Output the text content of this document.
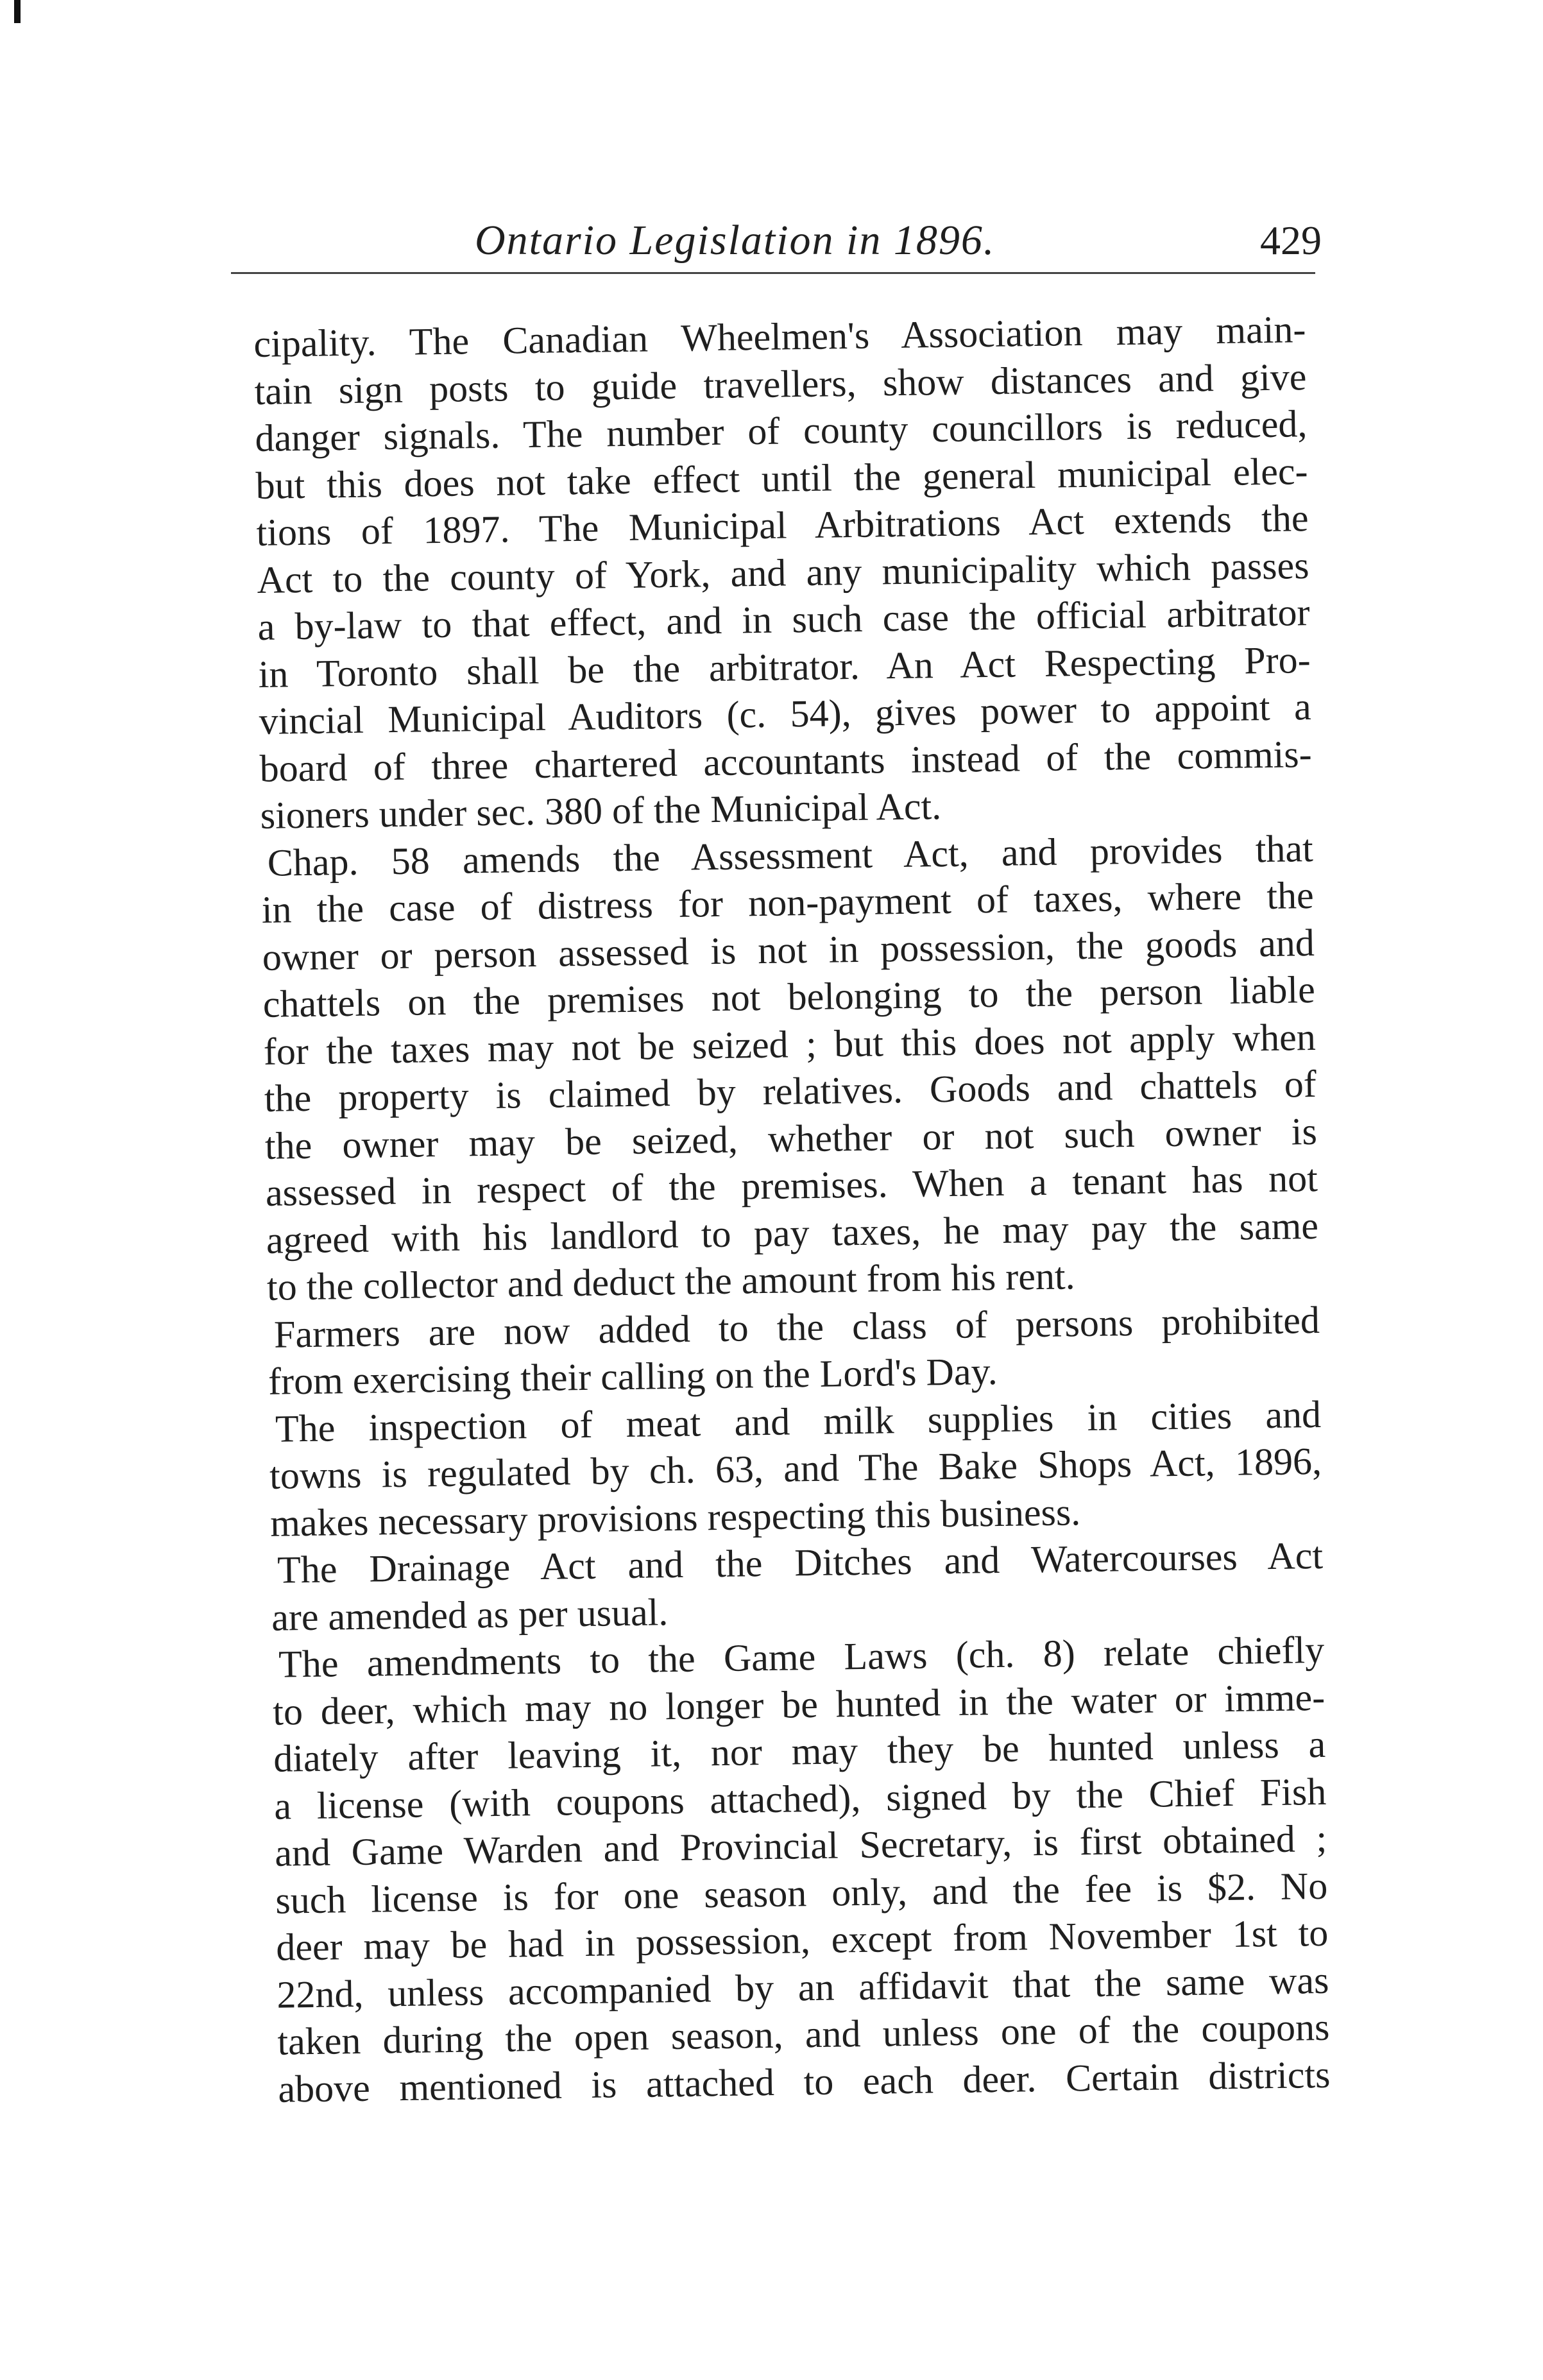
Ontario Legislation in 1896.	429
cipality. The Canadian Wheelmen's Association may main-
tain sign posts to guide travellers, show distances and give
danger signals. The number of county councillors is reduced,
but this does not take effect until the general municipal elec-
tions of 1897. The Municipal Arbitrations Act extends the
Act to the county of York, and any municipality which passes
a by-law to that effect, and in such case the official arbitrator
in Toronto shall be the arbitrator. An Act Respecting Pro-
vincial Municipal Auditors (c. 54), gives power to appoint a
board of three chartered accountants instead of the commis-
sioners under sec. 380 of the Municipal Act.
Chap. 58 amends the Assessment Act, and provides that
in the case of distress for non-payment of taxes, where the
owner or person assessed is not in possession, the goods and
chattels on the premises not belonging to the person liable
for the taxes may not be seized ; but this does not apply when
the property is claimed by relatives. Goods and chattels of
the owner may be seized, whether or not such owner is
assessed in respect of the premises. When a tenant has not
agreed with his landlord to pay taxes, he may pay the same
to the collector and deduct the amount from his rent.
Farmers are now added to the class of persons prohibited
from exercising their calling on the Lord's Day.
The inspection of meat and milk supplies in cities and
towns is regulated by ch. 63, and The Bake Shops Act, 1896,
makes necessary provisions respecting this business.
The Drainage Act and the Ditches and Watercourses Act
are amended as per usual.
The amendments to the Game Laws (ch. 8) relate chiefly
to deer, which may no longer be hunted in the water or imme-
diately after leaving it, nor may they be hunted unless a
a license (with coupons attached), signed by the Chief Fish
and Game Warden and Provincial Secretary, is first obtained ;
such license is for one season only, and the fee is $2. No
deer may be had in possession, except from November 1st to
22nd, unless accompanied by an affidavit that the same was
taken during the open season, and unless one of the coupons
above mentioned is attached to each deer. Certain districts
